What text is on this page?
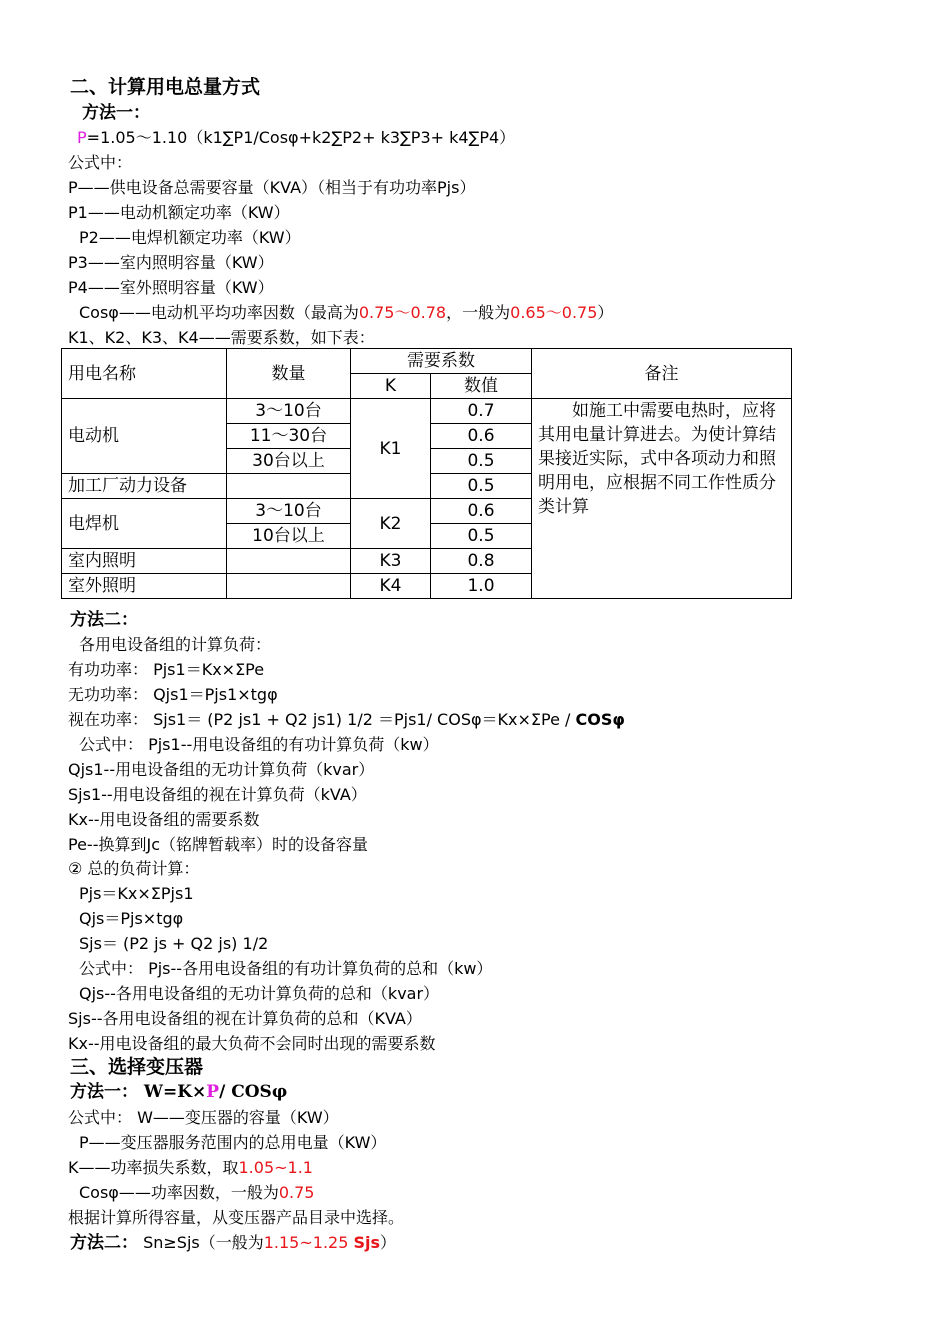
二、计算用电总量方式
方法一：
P=1.05～1.10（k1∑P1/Cosφ+k2∑P2+ k3∑P3+ k4∑P4）
公式中：
P——供电设备总需要容量（KVA）（相当于有功功率Pjs）
P1——电动机额定功率（KW）
P2——电焊机额定功率（KW）
P3——室内照明容量（KW）
P4——室外照明容量（KW）
Cosφ——电动机平均功率因数（最高为0.75～0.78，一般为0.65～0.75）
K1、K2、K3、K4——需要系数，如下表：
用电名称	数量	需要系数		备注
		K	数值	
电动机	3～10台	K1	0.7	如施工中需要电热时，应将其用电量计算进去。为使计算结果接近实际，式中各项动力和照明用电，应根据不同工作性质分类计算

	11～30台		0.6	
	30台以上		0.5	
加工厂动力设备			0.5	
电焊机	3～10台	K2	0.6	
	10台以上		0.5	
室内照明		K3	0.8	
室外照明		K4	1.0	
方法二：
各用电设备组的计算负荷：
有功功率： Pjs1＝Kx×ΣPe
无功功率： Qjs1＝Pjs1×tgφ
视在功率： Sjs1＝ (P2 js1 + Q2 js1) 1/2 ＝Pjs1/ COSφ＝Kx×ΣPe / COSφ
公式中： Pjs1--用电设备组的有功计算负荷（kw）
Qjs1--用电设备组的无功计算负荷（kvar）
Sjs1--用电设备组的视在计算负荷（kVA）
Kx--用电设备组的需要系数
Pe--换算到Jc（铭牌暂载率）时的设备容量
② 总的负荷计算：
Pjs＝Kx×ΣPjs1
Qjs＝Pjs×tgφ
Sjs＝ (P2 js + Q2 js) 1/2
公式中： Pjs--各用电设备组的有功计算负荷的总和（kw）
Qjs--各用电设备组的无功计算负荷的总和（kvar）
Sjs--各用电设备组的视在计算负荷的总和（KVA）
Kx--用电设备组的最大负荷不会同时出现的需要系数
三、选择变压器
方法一： W=K×P/ COSφ
公式中： W——变压器的容量（KW）
P——变压器服务范围内的总用电量（KW）
K——功率损失系数，取1.05~1.1
Cosφ——功率因数，一般为0.75
根据计算所得容量，从变压器产品目录中选择。
方法二： Sn≥Sjs（一般为1.15~1.25 Sjs）
